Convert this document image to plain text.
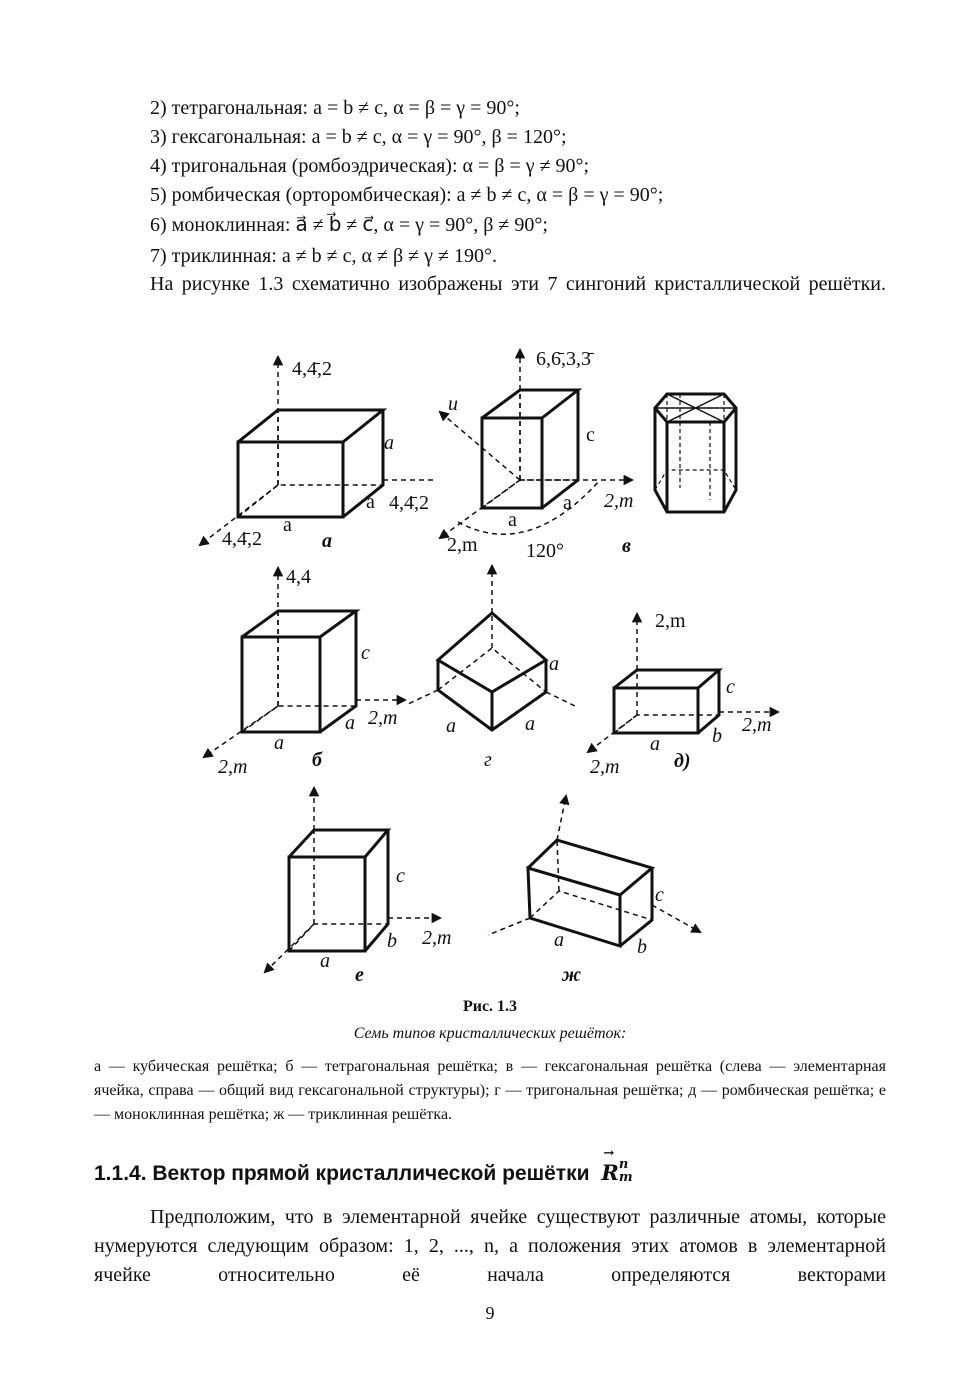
2) тетрагональная: a = b ≠ c, α = β = γ = 90°;
3) гексагональная: a = b ≠ c, α = γ = 90°, β = 120°;
4) тригональная (ромбоэдрическая): α = β = γ ≠ 90°;
5) ромбическая (орторомбическая): a ≠ b ≠ c, α = β = γ = 90°;
6) моноклинная: a⃗ ≠ b⃗ ≠ c⃗, α = γ = 90°, β ≠ 90°;
7) триклинная: a ≠ b ≠ c, α ≠ β ≠ γ ≠ 190°.
На рисунке 1.3 схематично изображены эти 7 сингоний кристаллической решётки.
4,4̄,2
4,4̄,2
4,4̄,2
a
a
a
а
6,6̄,3,3̄
u
c
a
a
2,m
2,m 120°	в
4,4
c
a
a
2,m
2,m	б
a
a	a
г
2,m
c
b
a
2,m
2,m	д)
c
b
a
2,m
е
c
b
a
ж
Рис. 1.3
Семь типов кристаллических решёток:
а — кубическая решётка; б — тетрагональная решётка; в — гексагональная решётка (слева — элементарная ячейка, справа — общий вид гексагональной структуры); г — тригональная решётка; д — ромбическая решётка; е — моноклинная решётка; ж — триклинная решётка.
1.1.4. Вектор прямой кристаллической решётки
→
R n
m
Предположим, что в элементарной ячейке существуют различные атомы, которые нумеруются следующим образом: 1, 2, ..., n, а положения этих атомов в элементарной ячейке относительно её начала определяются векторами
9
